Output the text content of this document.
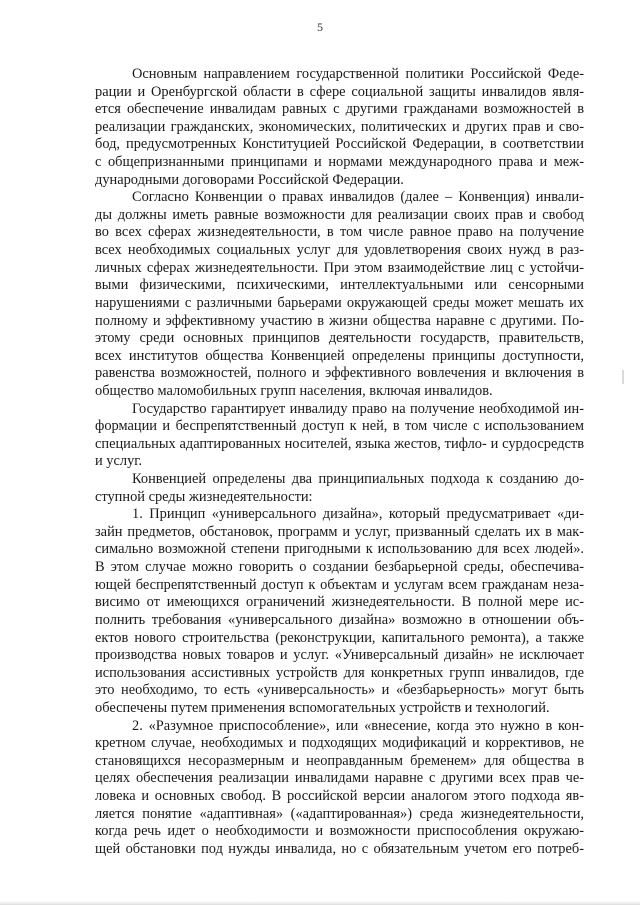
5
Основным направлением государственной политики Российской Феде-
рации и Оренбургской области в сфере социальной защиты инвалидов явля-
ется обеспечение инвалидам равных с другими гражданами возможностей в
реализации гражданских, экономических, политических и других прав и сво-
бод, предусмотренных Конституцией Российской Федерации, в соответствии
с общепризнанными принципами и нормами международного права и меж-
дународными договорами Российской Федерации.
Согласно Конвенции о правах инвалидов (далее – Конвенция) инвали-
ды должны иметь равные возможности для реализации своих прав и свобод
во всех сферах жизнедеятельности, в том числе равное право на получение
всех необходимых социальных услуг для удовлетворения своих нужд в раз-
личных сферах жизнедеятельности. При этом взаимодействие лиц с устойчи-
выми физическими, психическими, интеллектуальными или сенсорными
нарушениями с различными барьерами окружающей среды может мешать их
полному и эффективному участию в жизни общества наравне с другими. По-
этому среди основных принципов деятельности государств, правительств,
всех институтов общества Конвенцией определены принципы доступности,
равенства возможностей, полного и эффективного вовлечения и включения в
общество маломобильных групп населения, включая инвалидов.
Государство гарантирует инвалиду право на получение необходимой ин-
формации и беспрепятственный доступ к ней, в том числе с использованием
специальных адаптированных носителей, языка жестов, тифло- и сурдосредств
и услуг.
Конвенцией определены два принципиальных подхода к созданию до-
ступной среды жизнедеятельности:
1. Принцип «универсального дизайна», который предусматривает «ди-
зайн предметов, обстановок, программ и услуг, призванный сделать их в мак-
симально возможной степени пригодными к использованию для всех людей».
В этом случае можно говорить о создании безбарьерной среды, обеспечива-
ющей беспрепятственный доступ к объектам и услугам всем гражданам неза-
висимо от имеющихся ограничений жизнедеятельности. В полной мере ис-
полнить требования «универсального дизайна» возможно в отношении объ-
ектов нового строительства (реконструкции, капитального ремонта), а также
производства новых товаров и услуг. «Универсальный дизайн» не исключает
использования ассистивных устройств для конкретных групп инвалидов, где
это необходимо, то есть «универсальность» и «безбарьерность» могут быть
обеспечены путем применения вспомогательных устройств и технологий.
2. «Разумное приспособление», или «внесение, когда это нужно в кон-
кретном случае, необходимых и подходящих модификаций и коррективов, не
становящихся несоразмерным и неоправданным бременем» для общества в
целях обеспечения реализации инвалидами наравне с другими всех прав че-
ловека и основных свобод. В российской версии аналогом этого подхода яв-
ляется понятие «адаптивная» («адаптированная») среда жизнедеятельности,
когда речь идет о необходимости и возможности приспособления окружаю-
щей обстановки под нужды инвалида, но с обязательным учетом его потреб-
